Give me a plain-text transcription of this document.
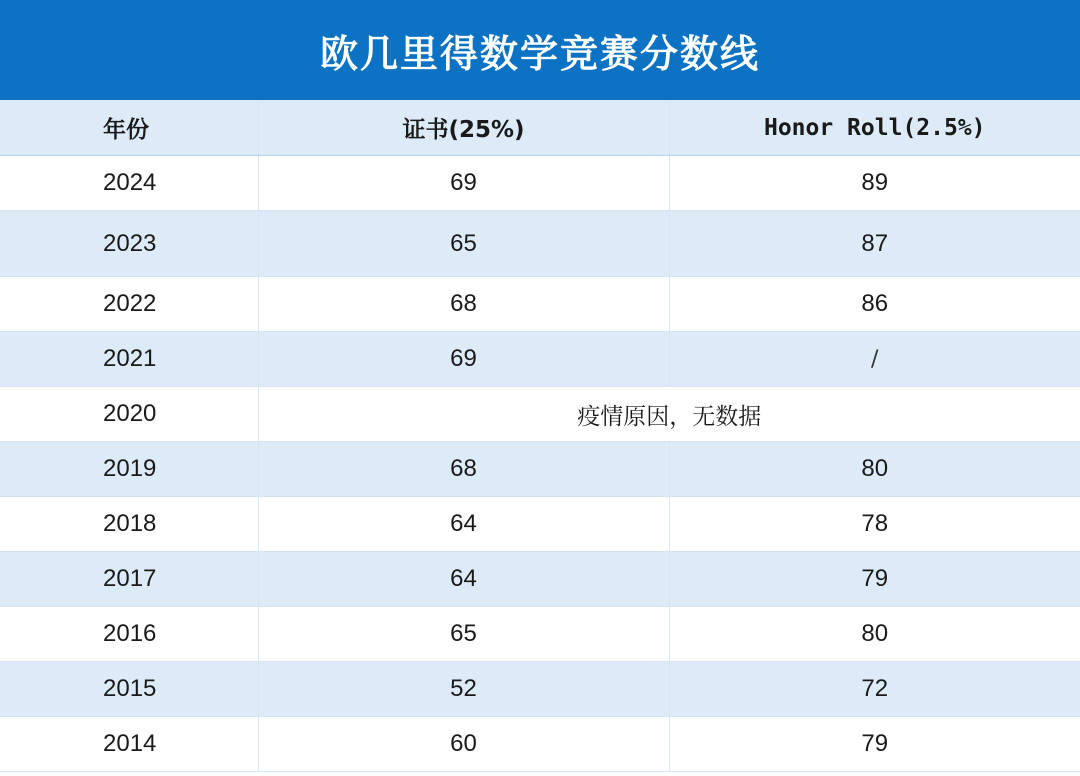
欧几里得数学竞赛分数线
年份	证书(25%)	Honor Roll(2.5%)
2024	69	89
2023	65	87
2022	68	86
2021	69	/
2020	疫情原因，无数据	
2019	68	80
2018	64	78
2017	64	79
2016	65	80
2015	52	72
2014	60	79
